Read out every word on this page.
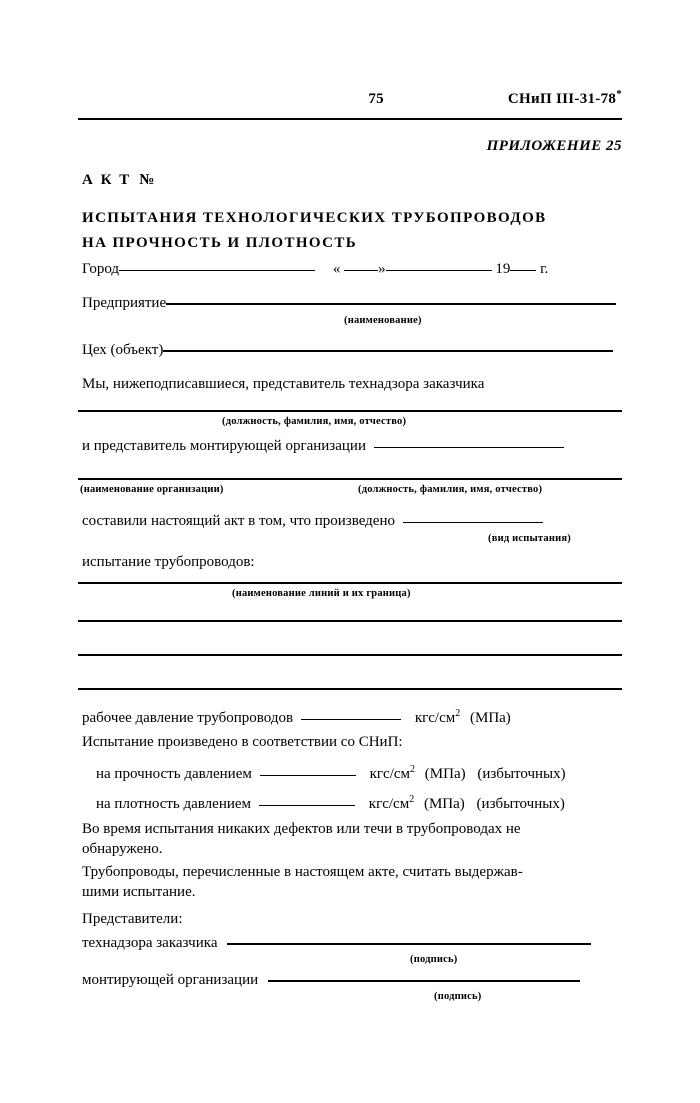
75	СНиП III-31-78*
ПРИЛОЖЕНИЕ 25
А К Т №
ИСПЫТАНИЯ ТЕХНОЛОГИЧЕСКИХ ТРУБОПРОВОДОВ
НА ПРОЧНОСТЬ И ПЛОТНОСТЬ
Город	«	»	19 г.
Предприятие
(наименование)
Цех (объект)
Мы, нижеподписавшиеся, представитель технадзора заказчика
(должность, фамилия, имя, отчество)
и представитель монтирующей организации
(наименование организации)	(должность, фамилия, имя, отчество)
составили настоящий акт в том, что произведено
(вид испытания)
испытание трубопроводов:
(наименование линий и их граница)
рабочее давление трубопроводов	кгс/$см^2$ (МПа)
Испытание произведено в соответствии со СНиП:
на прочность давлением	кгс/$см^2$ (МПа) (избыточных)
на плотность давлением	кгс/$см^2$ (МПа) (избыточных)
Во время испытания никаких дефектов или течи в трубопроводах не
обнаружено.
Трубопроводы, перечисленные в настоящем акте, считать выдержав-
шими испытание.
Представители:
технадзора заказчика
(подпись)
монтирующей организации
(подпись)
